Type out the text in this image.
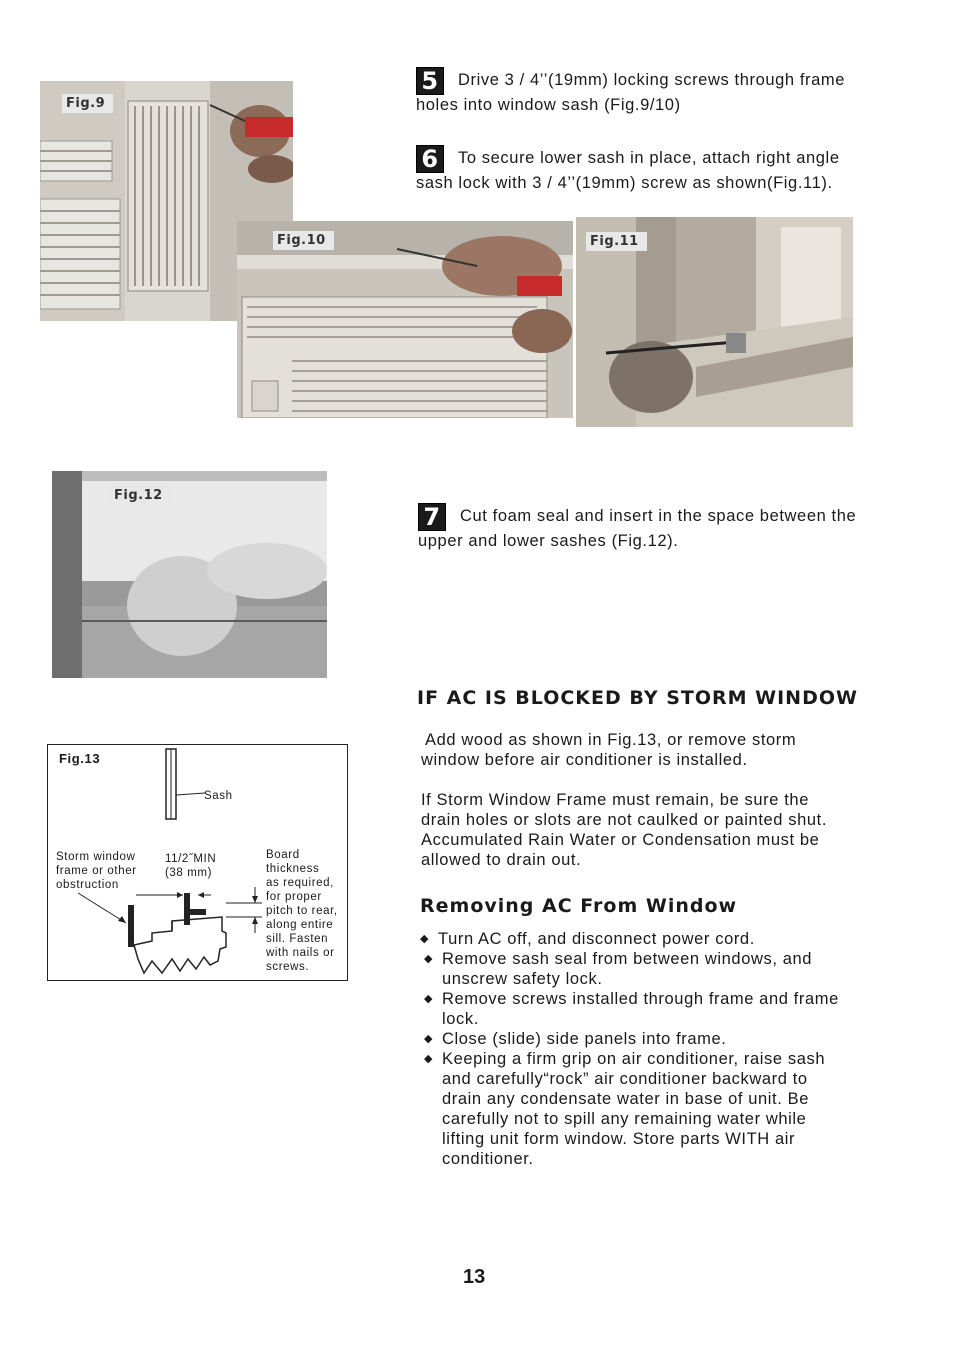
Fig.9
Fig.10	Fig.11
5 Drive 3 / 4’’(19mm) locking screws through frame
holes into window sash (Fig.9/10)
6 To secure lower sash in place, attach right angle
sash lock with 3 / 4’’(19mm) screw as shown(Fig.11).
Fig.12
7 Cut foam seal and insert in the space between the
upper and lower sashes (Fig.12).
IF AC IS BLOCKED BY STORM WINDOW
Add wood as shown in Fig.13, or remove storm
window before air conditioner is installed.
If Storm Window Frame must remain, be sure the
drain holes or slots are not caulked or painted shut.
Accumulated Rain Water or Condensation must be
allowed to drain out.
Fig.13
Sash
Storm window
frame or other
obstruction
11/2˝MIN
(38 mm)
Board
thickness
as required,
for proper
pitch to rear,
along entire
sill. Fasten
with nails or
screws.
Removing AC From Window
◆ Turn AC off, and disconnect power cord.
◆ Remove sash seal from between windows, and
unscrew safety lock.
◆ Remove screws installed through frame and frame
lock.
◆ Close (slide) side panels into frame.
◆ Keeping a firm grip on air conditioner, raise sash
and carefully“rock” air conditioner backward to
drain any condensate water in base of unit. Be
carefully not to spill any remaining water while
lifting unit form window. Store parts WITH air
conditioner.
13
